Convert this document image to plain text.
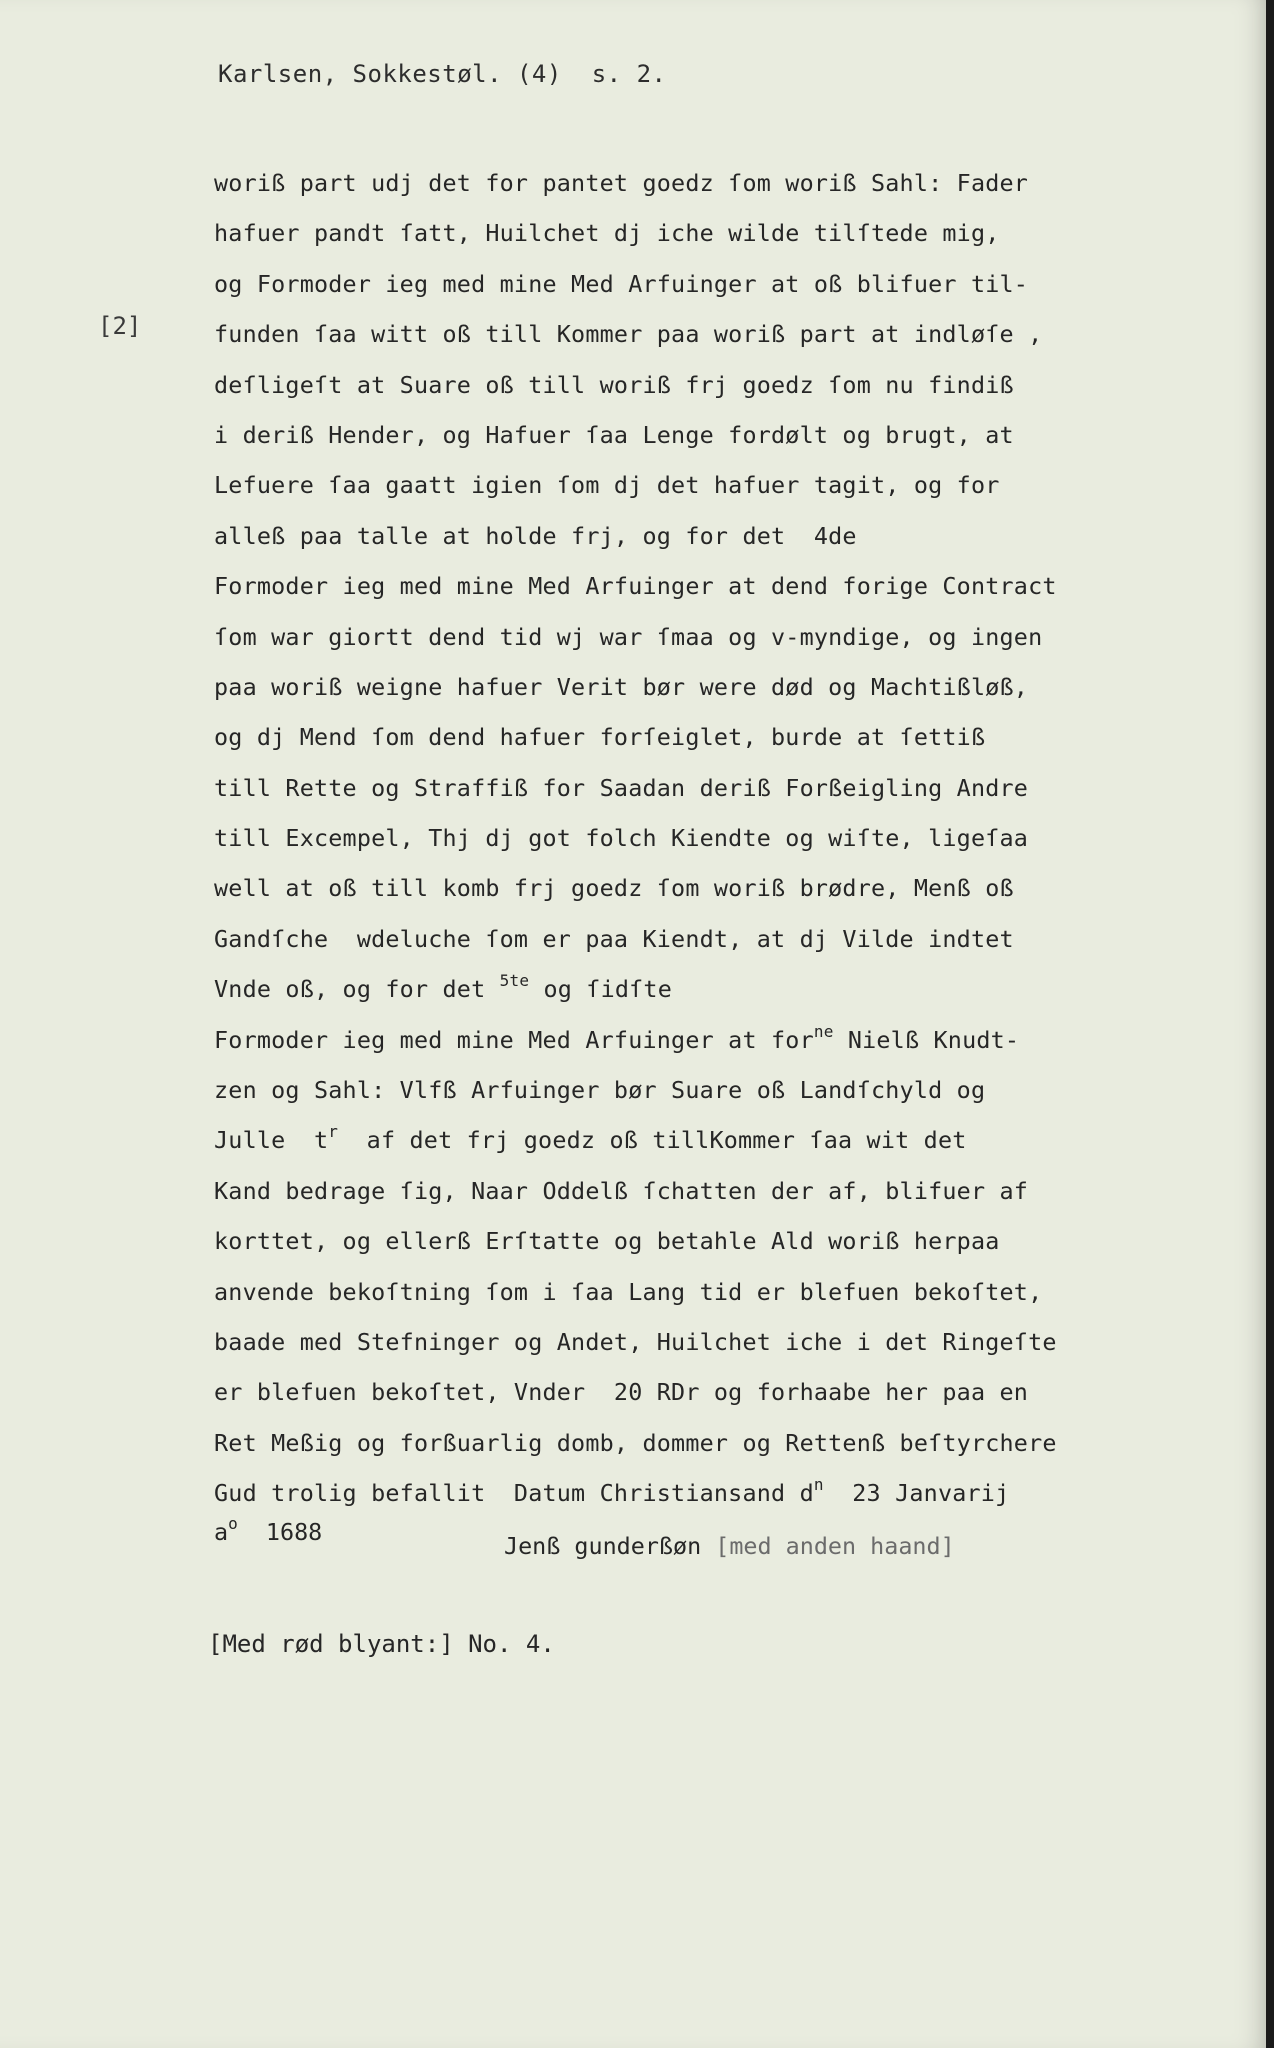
Karlsen, Sokkestøl. (4)  s. 2.
[2]
woriß part udj det for pantet goedz ſom woriß Sahl: Fader
hafuer pandt ſatt, Huilchet dj iche wilde tilſtede mig,
og Formoder ieg med mine Med Arfuinger at oß blifuer til-
funden ſaa witt oß till Kommer paa woriß part at indløſe ,
deſligeſt at Suare oß till woriß frj goedz ſom nu findiß
i deriß Hender, og Hafuer ſaa Lenge fordølt og brugt, at
Lefuere ſaa gaatt igien ſom dj det hafuer tagit, og for
alleß paa talle at holde frj, og for det  4de
Formoder ieg med mine Med Arfuinger at dend forige Contract
ſom war giortt dend tid wj war ſmaa og v-myndige, og ingen
paa woriß weigne hafuer Verit bør were død og Machtißløß,
og dj Mend ſom dend hafuer forſeiglet, burde at ſettiß
till Rette og Straffiß for Saadan deriß Forßeigling Andre
till Excempel, Thj dj got folch Kiendte og wiſte, ligeſaa
well at oß till komb frj goedz ſom woriß brødre, Menß oß
Gandſche  wdeluche ſom er paa Kiendt, at dj Vilde indtet
Vnde oß, og for det $^{5te}$ og ſidſte
Formoder ieg med mine Med Arfuinger at for$^{ne}$ Nielß Knudt-
zen og Sahl: Vlfß Arfuinger bør Suare oß Landſchyld og
Julle  $t^r$  af det frj goedz oß tillKommer ſaa wit det
Kand bedrage ſig, Naar Oddelß ſchatten der af, blifuer af
korttet, og ellerß Erſtatte og betahle Ald woriß herpaa
anvende bekoſtning ſom i ſaa Lang tid er blefuen bekoſtet,
baade med Stefninger og Andet, Huilchet iche i det Ringeſte
er blefuen bekoſtet, Vnder  20 RDr og forhaabe her paa en
Ret Meßig og forßuarlig domb, dommer og Rettenß beſtyrchere
Gud trolig befallit  Datum Christiansand $d^n$  23 Janvarij

$a^o$  1688

	Jenß gunderßøn [med anden haand]

[Med rød blyant:] No. 4.
